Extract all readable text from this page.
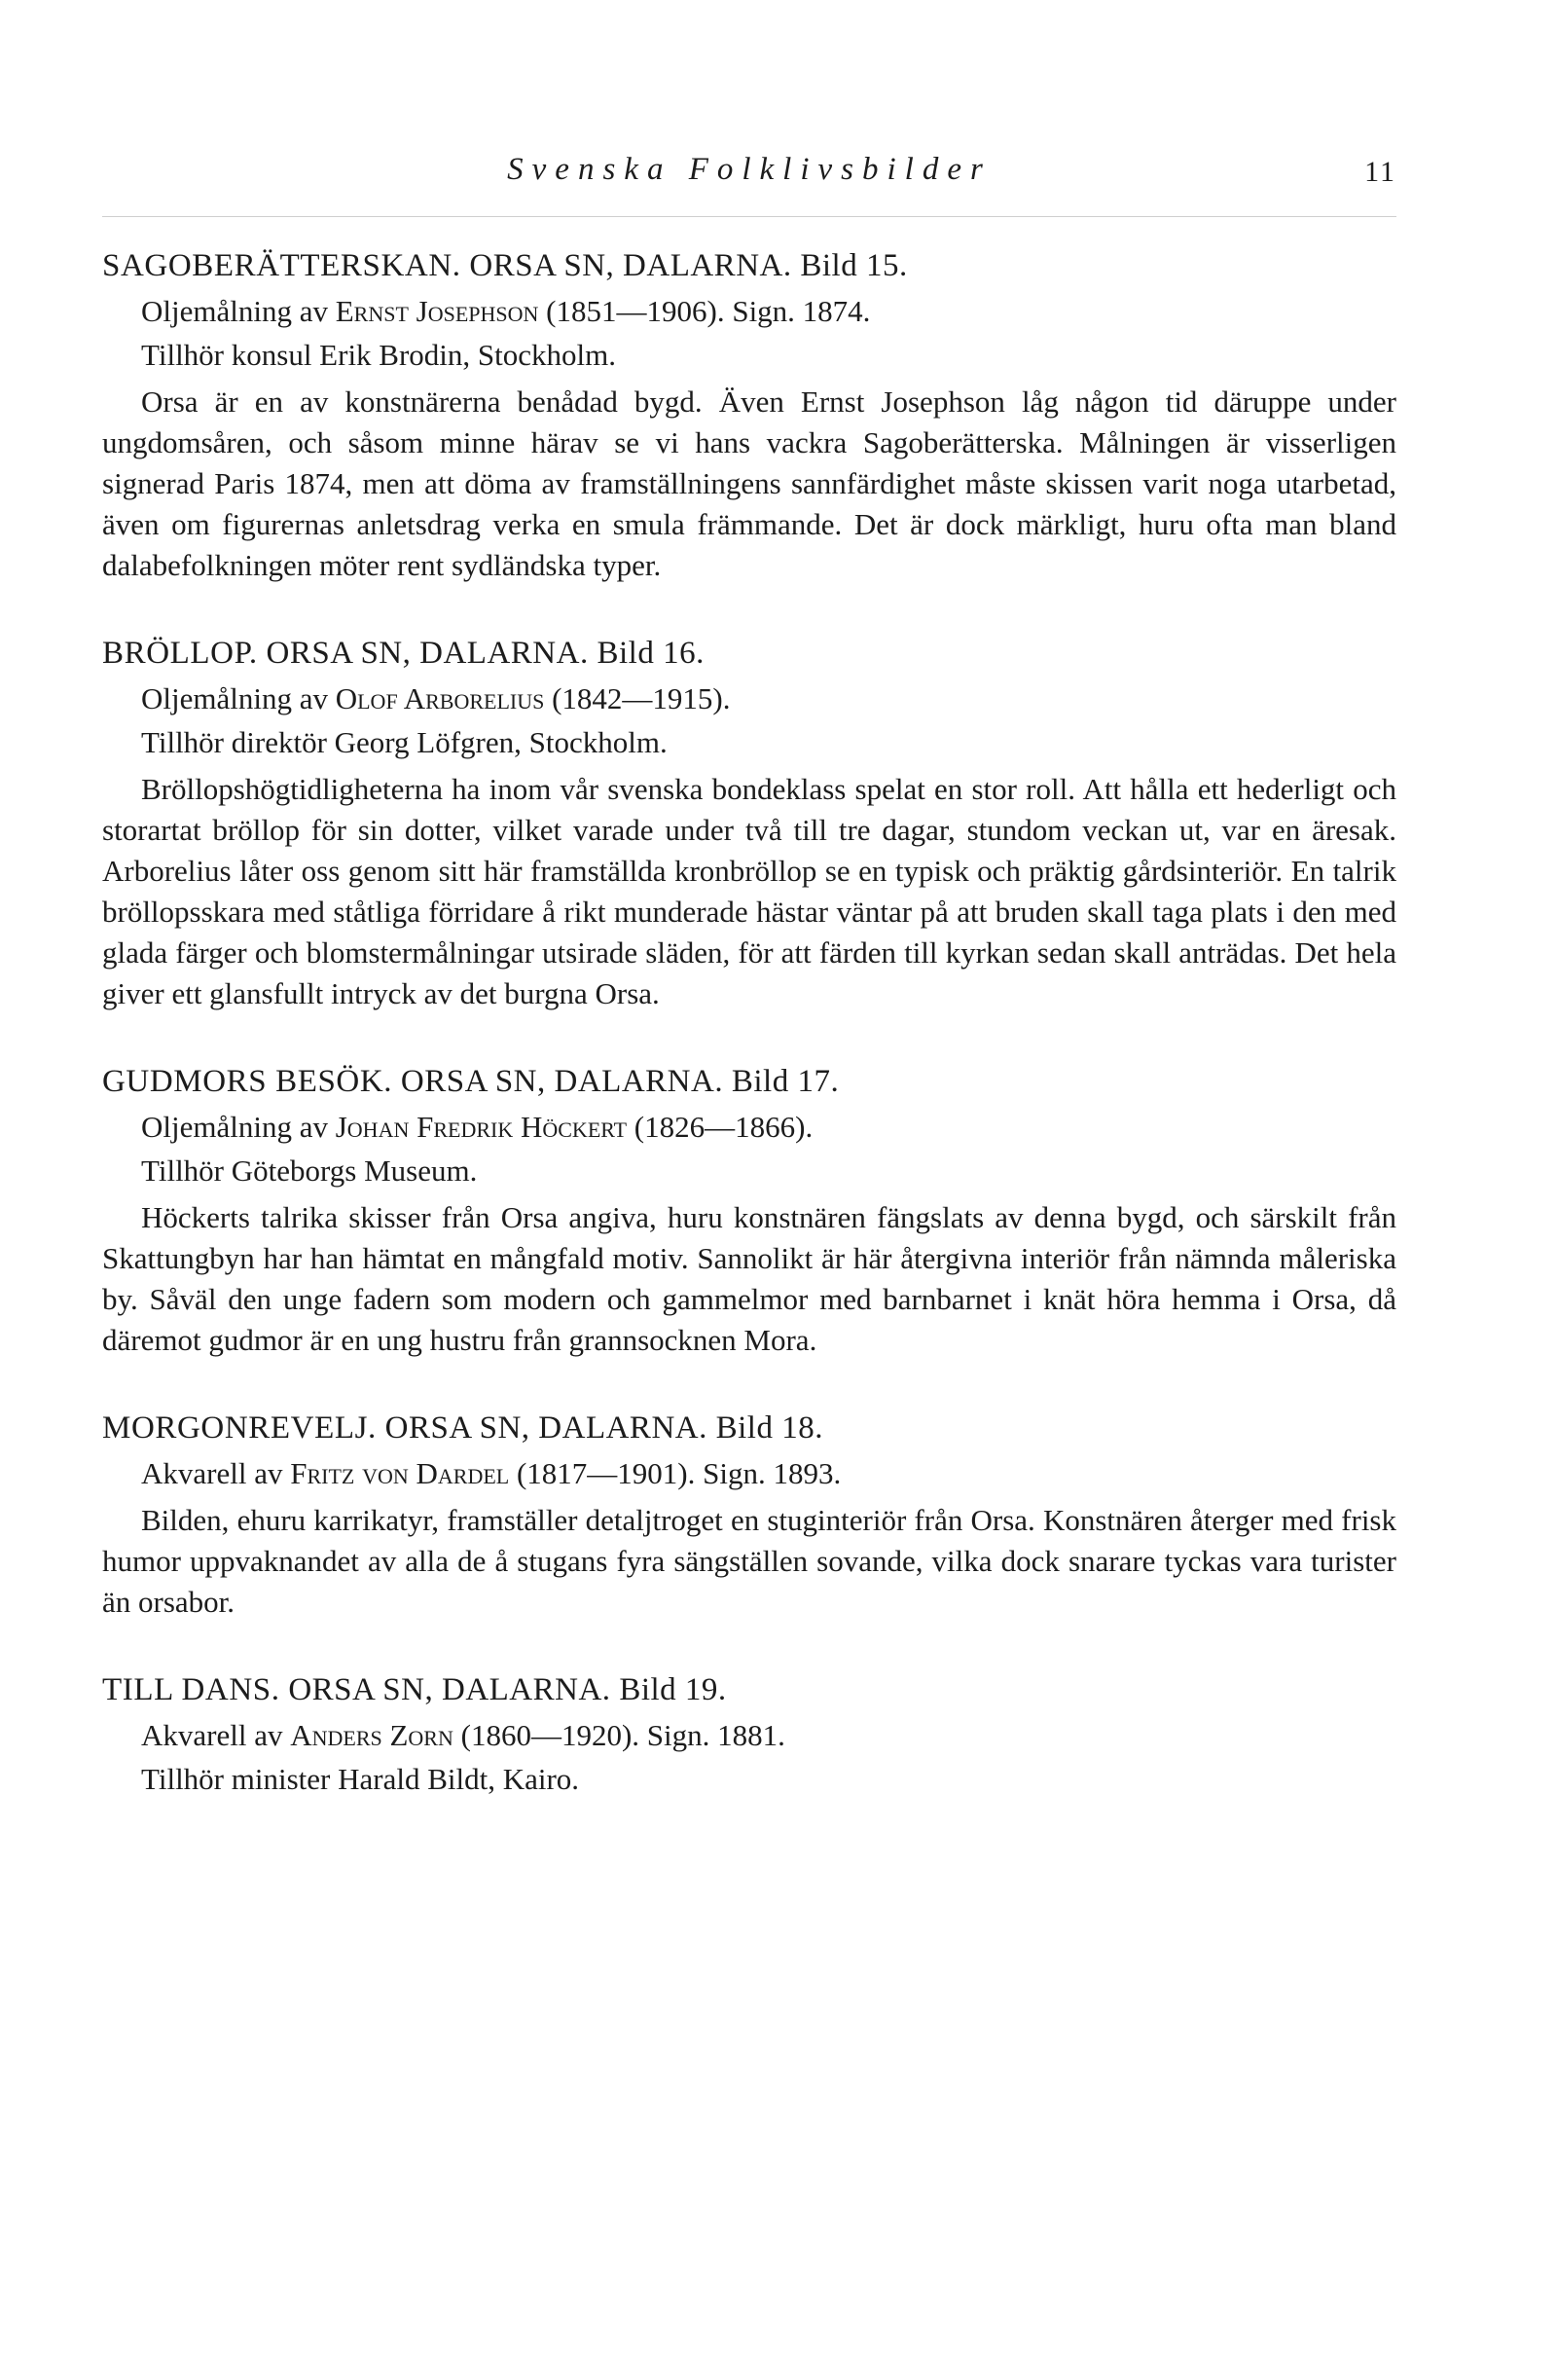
Svenska Folklivsbilder	11
SAGOBERÄTTERSKAN. ORSA SN, DALARNA. Bild 15.
Oljemålning av Ernst Josephson (1851—1906). Sign. 1874.
Tillhör konsul Erik Brodin, Stockholm.

Orsa är en av konstnärerna benådad bygd. Även Ernst Josephson låg någon tid däruppe under ungdomsåren, och såsom minne härav se vi hans vackra Sagoberätterska. Målningen är visserligen signerad Paris 1874, men att döma av framställningens sannfärdighet måste skissen varit noga utarbetad, även om figurernas anletsdrag verka en smula främmande. Det är dock märkligt, huru ofta man bland dalabefolkningen möter rent sydländska typer.

BRÖLLOP. ORSA SN, DALARNA. Bild 16.
Oljemålning av Olof Arborelius (1842—1915).
Tillhör direktör Georg Löfgren, Stockholm.

Bröllopshögtidligheterna ha inom vår svenska bondeklass spelat en stor roll. Att hålla ett hederligt och storartat bröllop för sin dotter, vilket varade under två till tre dagar, stundom veckan ut, var en äresak. Arborelius låter oss genom sitt här framställda kronbröllop se en typisk och präktig gårdsinteriör. En talrik bröllopsskara med ståtliga förridare å rikt munderade hästar väntar på att bruden skall taga plats i den med glada färger och blomstermålningar utsirade släden, för att färden till kyrkan sedan skall anträdas. Det hela giver ett glansfullt intryck av det burgna Orsa.

GUDMORS BESÖK. ORSA SN, DALARNA. Bild 17.
Oljemålning av Johan Fredrik Höckert (1826—1866).
Tillhör Göteborgs Museum.

Höckerts talrika skisser från Orsa angiva, huru konstnären fängslats av denna bygd, och särskilt från Skattungbyn har han hämtat en mångfald motiv. Sannolikt är här återgivna interiör från nämnda måleriska by. Såväl den unge fadern som modern och gammelmor med barnbarnet i knät höra hemma i Orsa, då däremot gudmor är en ung hustru från grannsocknen Mora.

MORGONREVELJ. ORSA SN, DALARNA. Bild 18.
Akvarell av Fritz von Dardel (1817—1901). Sign. 1893.

Bilden, ehuru karrikatyr, framställer detaljtroget en stuginteriör från Orsa. Konstnären återger med frisk humor uppvaknandet av alla de å stugans fyra sängställen sovande, vilka dock snarare tyckas vara turister än orsabor.

TILL DANS. ORSA SN, DALARNA. Bild 19.
Akvarell av Anders Zorn (1860—1920). Sign. 1881.
Tillhör minister Harald Bildt, Kairo.
